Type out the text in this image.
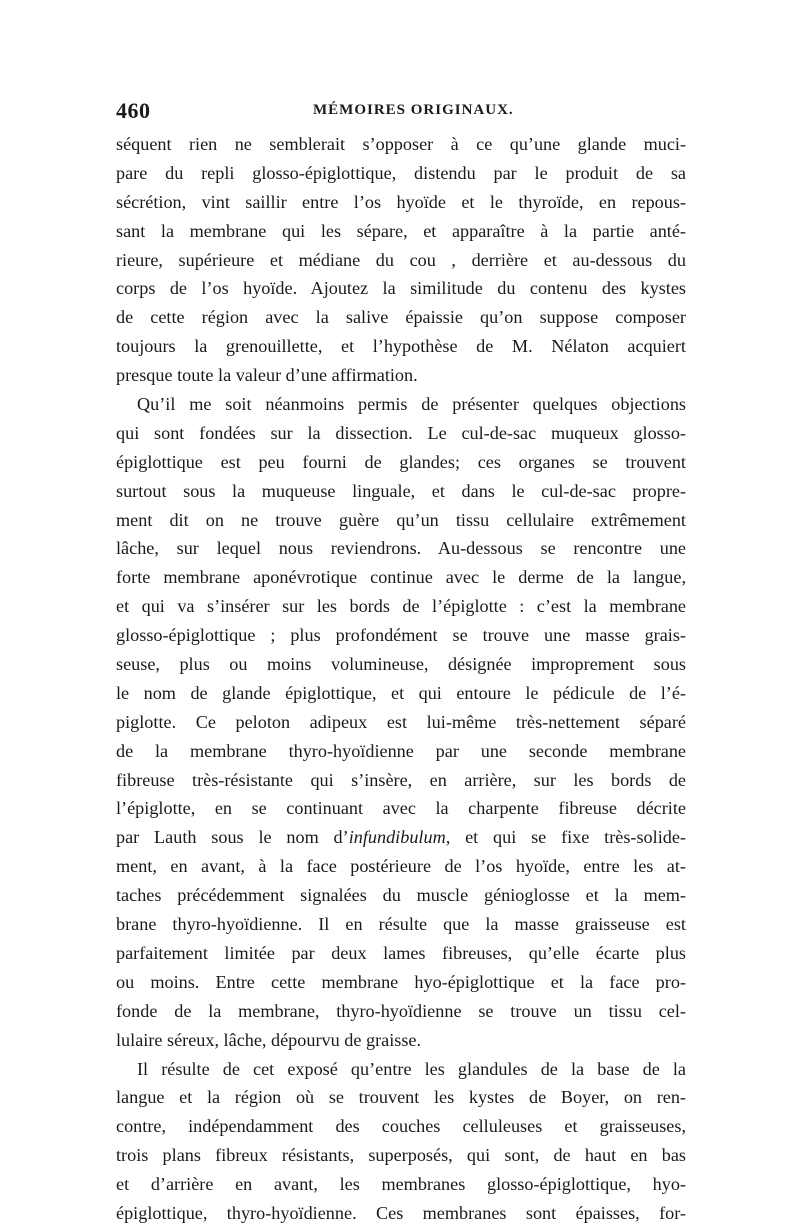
460	MÉMOIRES ORIGINAUX.
séquent rien ne semblerait s’opposer à ce qu’une glande muci-
pare du repli glosso-épiglottique, distendu par le produit de sa
sécrétion, vint saillir entre l’os hyoïde et le thyroïde, en repous-
sant la membrane qui les sépare, et apparaître à la partie anté-
rieure, supérieure et médiane du cou , derrière et au-dessous du
corps de l’os hyoïde. Ajoutez la similitude du contenu des kystes
de cette région avec la salive épaissie qu’on suppose composer
toujours la grenouillette, et l’hypothèse de M. Nélaton acquiert
presque toute la valeur d’une affirmation.
Qu’il me soit néanmoins permis de présenter quelques objections
qui sont fondées sur la dissection. Le cul-de-sac muqueux glosso-
épiglottique est peu fourni de glandes; ces organes se trouvent
surtout sous la muqueuse linguale, et dans le cul-de-sac propre-
ment dit on ne trouve guère qu’un tissu cellulaire extrêmement
lâche, sur lequel nous reviendrons. Au-dessous se rencontre une
forte membrane aponévrotique continue avec le derme de la langue,
et qui va s’insérer sur les bords de l’épiglotte : c’est la membrane
glosso-épiglottique ; plus profondément se trouve une masse grais-
seuse, plus ou moins volumineuse, désignée improprement sous
le nom de glande épiglottique, et qui entoure le pédicule de l’é-
piglotte. Ce peloton adipeux est lui-même très-nettement séparé
de la membrane thyro-hyoïdienne par une seconde membrane
fibreuse très-résistante qui s’insère, en arrière, sur les bords de
l’épiglotte, en se continuant avec la charpente fibreuse décrite
par Lauth sous le nom d’infundibulum, et qui se fixe très-solide-
ment, en avant, à la face postérieure de l’os hyoïde, entre les at-
taches précédemment signalées du muscle génioglosse et la mem-
brane thyro-hyoïdienne. Il en résulte que la masse graisseuse est
parfaitement limitée par deux lames fibreuses, qu’elle écarte plus
ou moins. Entre cette membrane hyo-épiglottique et la face pro-
fonde de la membrane, thyro-hyoïdienne se trouve un tissu cel-
lulaire séreux, lâche, dépourvu de graisse.
Il résulte de cet exposé qu’entre les glandules de la base de la
langue et la région où se trouvent les kystes de Boyer, on ren-
contre, indépendamment des couches celluleuses et graisseuses,
trois plans fibreux résistants, superposés, qui sont, de haut en bas
et d’arrière en avant, les membranes glosso-épiglottique, hyo-
épiglottique, thyro-hyoïdienne. Ces membranes sont épaisses, for-
